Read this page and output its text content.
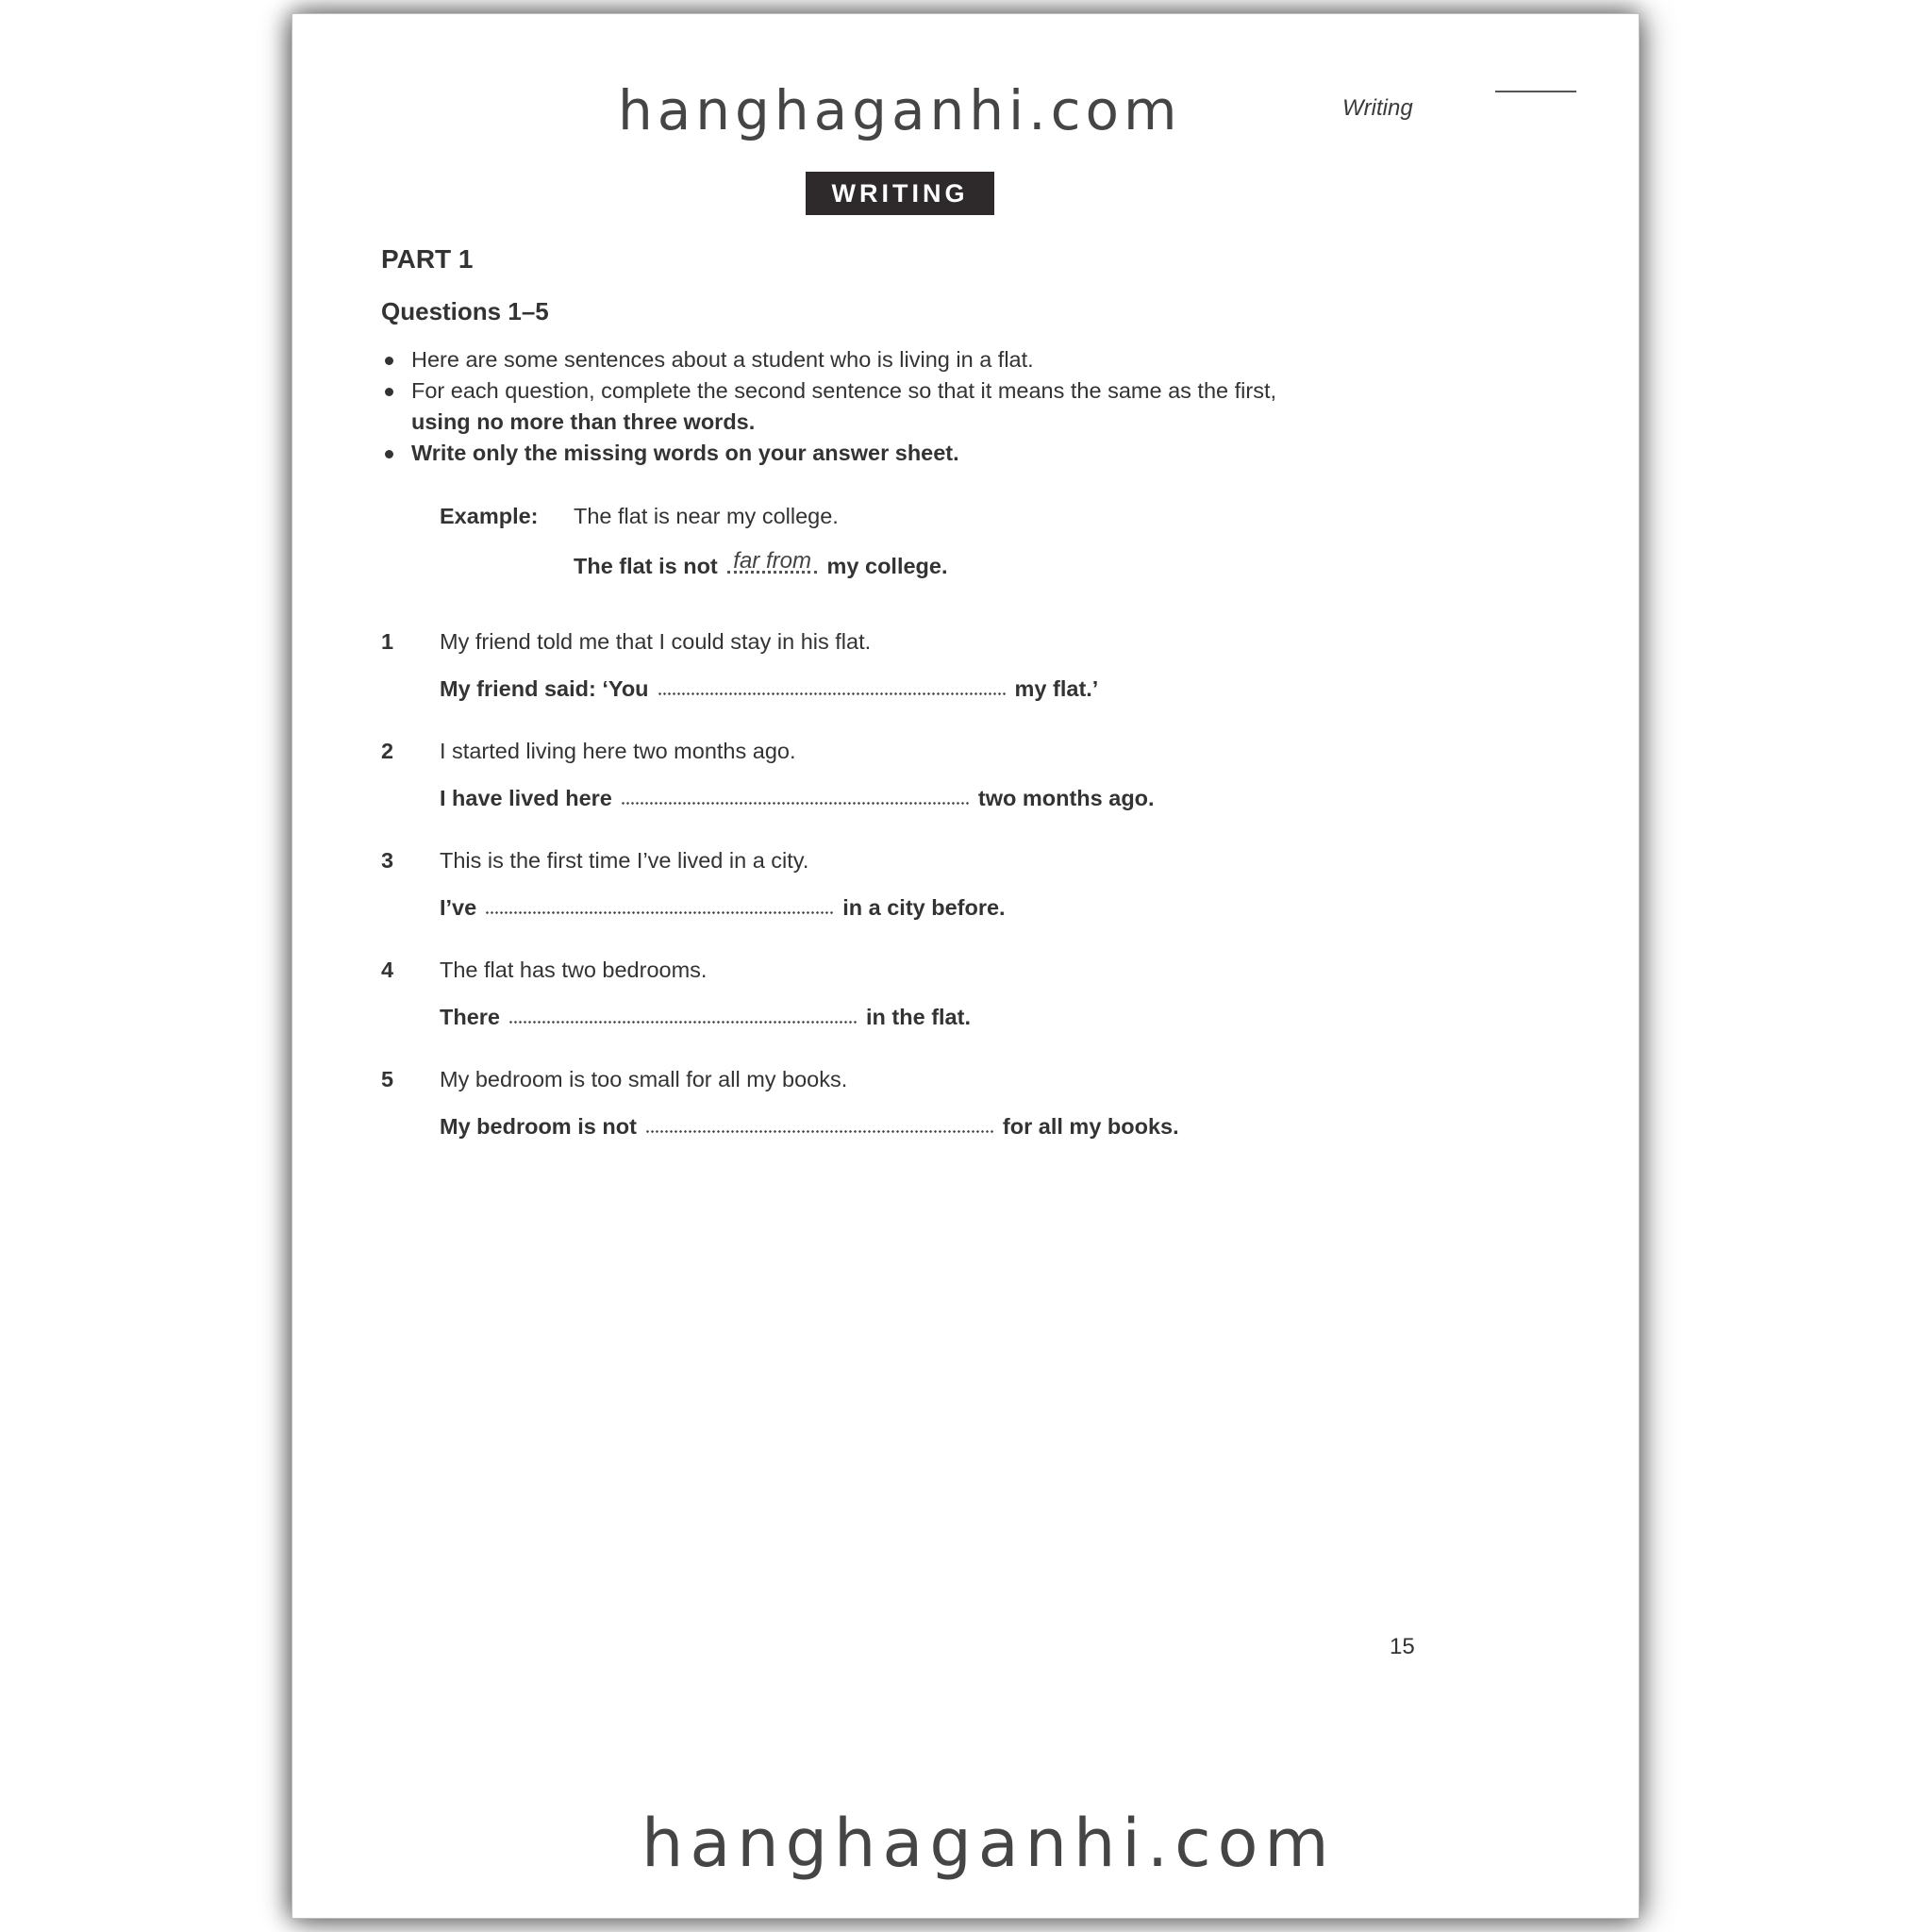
hanghaganhi.com	Writing
WRITING
PART 1
Questions 1–5
Here are some sentences about a student who is living in a flat.
For each question, complete the second sentence so that it means the same as the first,
using no more than three words.
Write only the missing words on your answer sheet.
Example: The flat is near my college.
The flat is not far from my college.
1 My friend told me that I could stay in his flat.
My friend said: ‘You	my flat.’
2 I started living here two months ago.
I have lived here	two months ago.
3 This is the first time I’ve lived in a city.
I’ve	in a city before.
4 The flat has two bedrooms.
There	in the flat.
5 My bedroom is too small for all my books.
My bedroom is not	for all my books.
15
hanghaganhi.com
